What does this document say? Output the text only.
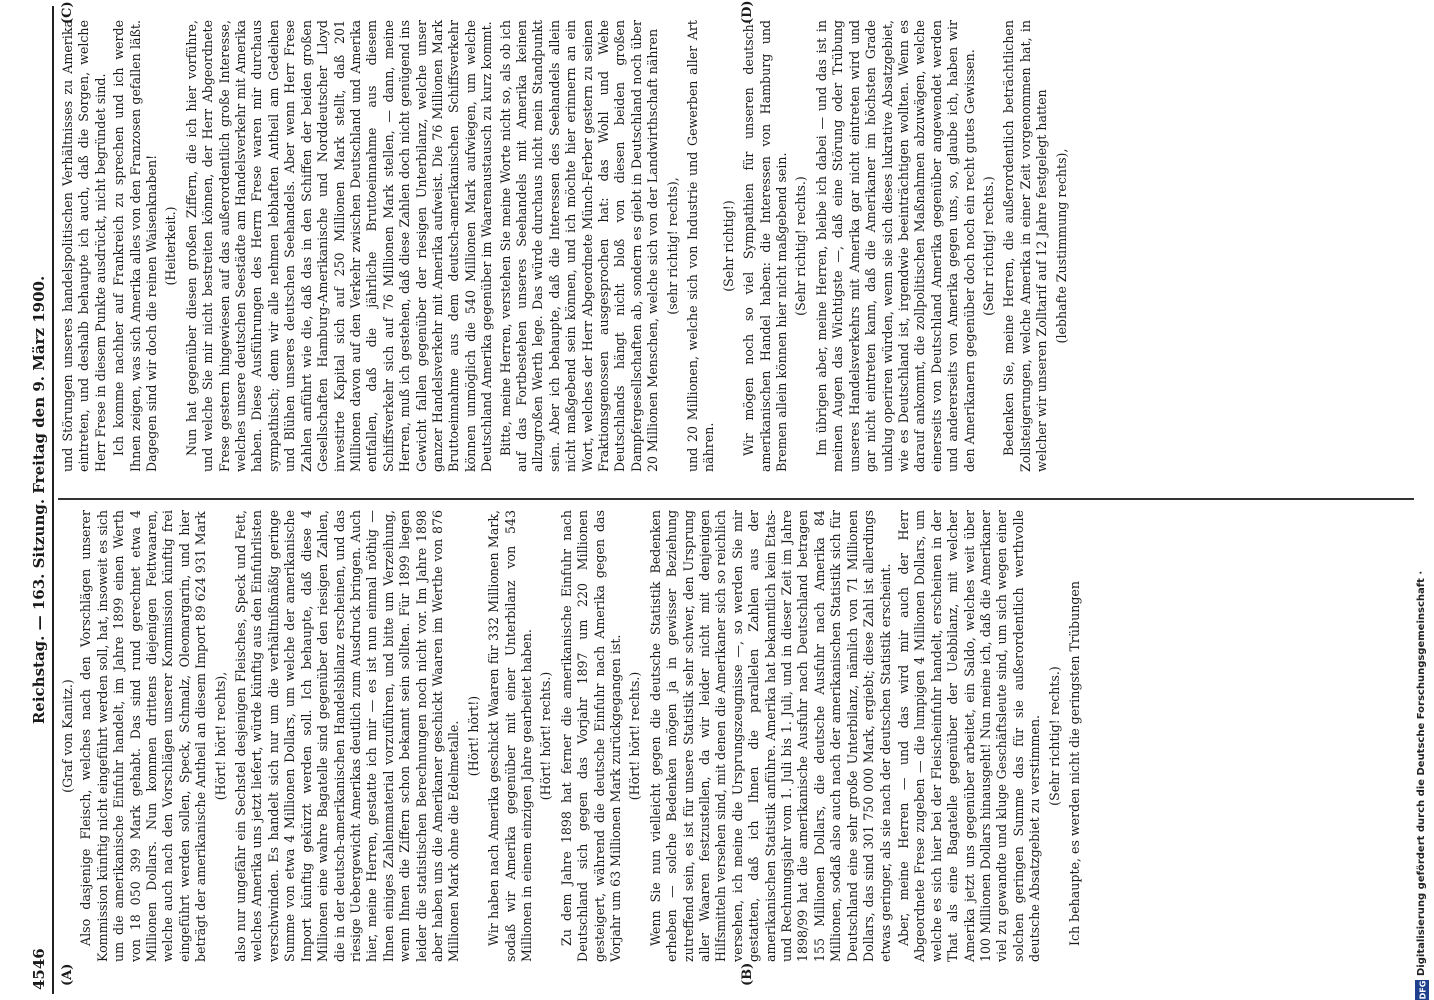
4546
Reichstag. — 163. Sitzung. Freitag den 9. März 1900.
(A)	(B)
(C)	(D)
(Graf von Kanitz.) Also dasjenige Fleisch, welches nach den Vorschlägen unserer Kommission künftig nicht eingeführt werden soll, hat, insoweit es sich um die amerikanische Einfuhr handelt, im Jahre 1899 einen Werth von 18 050 399 Mark gehabt. Das sind rund gerechnet etwa 4 Millionen Dollars. Nun kommen drittens diejenigen Fettwaaren, welche auch nach den Vorschlägen unserer Kommission künftig frei eingeführt werden sollen, Speck, Schmalz, Oleomargarin, und hier beträgt der amerikanische Antheil an diesem Import 89 624 931 Mark (Hört! hört! rechts), also nur ungefähr ein Sechstel desjenigen Fleisches, Speck und Fett, welches Amerika uns jetzt liefert, würde künftig aus den Einfuhrlisten verschwinden. Es handelt sich nur um die verhältnißmäßig geringe Summe von etwa 4 Millionen Dollars, um welche der amerikanische Import künftig gekürzt werden soll. Ich behaupte, daß diese 4 Millionen eine wahre Bagatelle sind gegenüber den riesigen Zahlen, die in der deutsch-amerikanischen Handelsbilanz erscheinen, und das riesige Uebergewicht Amerikas deutlich zum Ausdruck bringen. Auch hier, meine Herren, gestatte ich mir — es ist nun einmal nöthig — Ihnen einiges Zahlenmaterial vorzuführen, und bitte um Verzeihung, wenn Ihnen die Ziffern schon bekannt sein sollten. Für 1899 liegen leider die statistischen Berechnungen noch nicht vor. Im Jahre 1898 aber haben uns die Amerikaner geschickt Waaren im Werthe von 876 Millionen Mark ohne die Edelmetalle. (Hört! hört!) Wir haben nach Amerika geschickt Waaren für 332 Millionen Mark, sodaß wir Amerika gegenüber mit einer Unterbilanz von 543 Millionen in einem einzigen Jahre gearbeitet haben. (Hört! hört! rechts.) Zu dem Jahre 1898 hat ferner die amerikanische Einfuhr nach Deutschland sich gegen das Vorjahr 1897 um 220 Millionen gesteigert, während die deutsche Einfuhr nach Amerika gegen das Vorjahr um 63 Millionen Mark zurückgegangen ist. (Hört! hört! rechts.) Wenn Sie nun vielleicht gegen die deutsche Statistik Bedenken erheben — solche Bedenken mögen ja in gewisser Beziehung zutreffend sein, es ist für unsere Statistik sehr schwer, den Ursprung aller Waaren festzustellen, da wir leider nicht mit denjenigen Hilfsmitteln versehen sind, mit denen die Amerikaner sich so reichlich versehen, ich meine die Ursprungszeugnisse —, so werden Sie mir gestatten, daß ich Ihnen die parallelen Zahlen aus der amerikanischen Statistik anführe. Amerika hat bekanntlich kein Etats- und Rechnungsjahr vom 1. Juli bis 1. Juli, und in dieser Zeit im Jahre 1898/99 hat die amerikanische Ausfuhr nach Deutschland betragen 155 Millionen Dollars, die deutsche Ausfuhr nach Amerika 84 Millionen, sodaß also auch nach der amerikanischen Statistik sich für Deutschland eine sehr große Unterbilanz, nämlich von 71 Millionen Dollars, das sind 301 750 000 Mark, ergiebt; diese Zahl ist allerdings etwas geringer, als sie nach der deutschen Statistik erscheint. Aber, meine Herren — und das wird mir auch der Herr Abgeordnete Frese zugeben — die lumpigen 4 Millionen Dollars, um welche es sich hier bei der Fleischeinfuhr handelt, erscheinen in der That als eine Bagatelle gegenüber der Uebbilanz, mit welcher Amerika jetzt uns gegenüber arbeitet, ein Saldo, welches weit über 100 Millionen Dollars hinausgeht! Nun meine ich, daß die Amerikaner viel zu gewandte und kluge Geschäftsleute sind, um sich wegen einer solchen geringen Summe das für sie außerordentlich werthvolle deutsche Absatzgebiet zu verstimmen. (Sehr richtig! rechts.) Ich behaupte, es werden nicht die geringsten Trübungen

und Störungen unseres handelspolitischen Verhältnisses zu Amerika eintreten, und deshalb behaupte ich auch, daß die Sorgen, welche Herr Frese in diesem Punkte ausdrückt, nicht begründet sind. Ich komme nachher auf Frankreich zu sprechen und ich werde Ihnen zeigen, was sich Amerika alles von den Franzosen gefallen läßt. Dagegen sind wir doch die reinen Waisenknaben! (Heiterkeit.) Nun hat gegenüber diesen großen Ziffern, die ich hier vorführe, und welche Sie mir nicht bestreiten können, der Herr Abgeordnete Frese gestern hingewiesen auf das außerordentlich große Interesse, welches unsere deutschen Seestädte am Handelsverkehr mit Amerika haben. Diese Ausführungen des Herrn Frese waren mir durchaus sympathisch; denn wir alle nehmen lebhaften Antheil am Gedeihen und Blühen unseres deutschen Seehandels. Aber wenn Herr Frese Zahlen anführt wie die, daß das in den Schiffen der beiden großen Gesellschaften Hamburg-Amerikanische und Norddeutscher Lloyd investirte Kapital sich auf 250 Millionen Mark stellt, daß 201 Millionen davon auf den Verkehr zwischen Deutschland und Amerika entfallen, daß die jährliche Bruttoeinnahme aus diesem Schiffsverkehr sich auf 76 Millionen Mark stellen, — dann, meine Herren, muß ich gestehen, daß diese Zahlen doch nicht genügend ins Gewicht fallen gegenüber der riesigen Unterbilanz, welche unser ganzer Handelsverkehr mit Amerika aufweist. Die 76 Millionen Mark Bruttoeinnahme aus dem deutsch-amerikanischen Schiffsverkehr können unmöglich die 540 Millionen Mark aufwiegen, um welche Deutschland Amerika gegenüber im Waarenaustausch zu kurz kommt. Bitte, meine Herren, verstehen Sie meine Worte nicht so, als ob ich auf das Fortbestehen unseres Seehandels mit Amerika keinen allzugroßen Werth lege. Das würde durchaus nicht mein Standpunkt sein. Aber ich behaupte, daß die Interessen des Seehandels allein nicht maßgebend sein können, und ich möchte hier erinnern an ein Wort, welches der Herr Abgeordnete Münch-Ferber gestern zu seinen Fraktionsgenossen ausgesprochen hat: das Wohl und Wehe Deutschlands hängt nicht bloß von diesen beiden großen Dampfergesellschaften ab, sondern es giebt in Deutschland noch über 20 Millionen Menschen, welche sich von der Landwirthschaft nähren (sehr richtig! rechts), und 20 Millionen, welche sich von Industrie und Gewerben aller Art nähren.

(Sehr richtig!) Wir mögen noch so viel Sympathien für unseren deutsch-amerikanischen Handel haben: die Interessen von Hamburg und Bremen allein können hier nicht maßgebend sein. (Sehr richtig! rechts.) Im übrigen aber, meine Herren, bleibe ich dabei — und das ist in meinen Augen das Wichtigste —, daß eine Störung oder Trübung unseres Handelsverkehrs mit Amerika gar nicht eintreten wird und gar nicht eintreten kann, daß die Amerikaner im höchsten Grade unklug operiren würden, wenn sie sich dieses lukrative Absatzgebiet, wie es Deutschland ist, irgendwie beeinträchtigen wollten. Wenn es darauf ankommt, die zollpolitischen Maßnahmen abzuwägen, welche einerseits von Deutschland Amerika gegenüber angewendet werden und andererseits von Amerika gegen uns, so, glaube ich, haben wir den Amerikanern gegenüber doch noch ein recht gutes Gewissen. (Sehr richtig! rechts.) Bedenken Sie, meine Herren, die außerordentlich beträchtlichen Zollsteigerungen, welche Amerika in einer Zeit vorgenommen hat, in welcher wir unseren Zolltarif auf 12 Jahre festgelegt hatten (lebhafte Zustimmung rechts),

DFG
Digitalisierung gefördert durch die Deutsche Forschungsgemeinschaft ·
